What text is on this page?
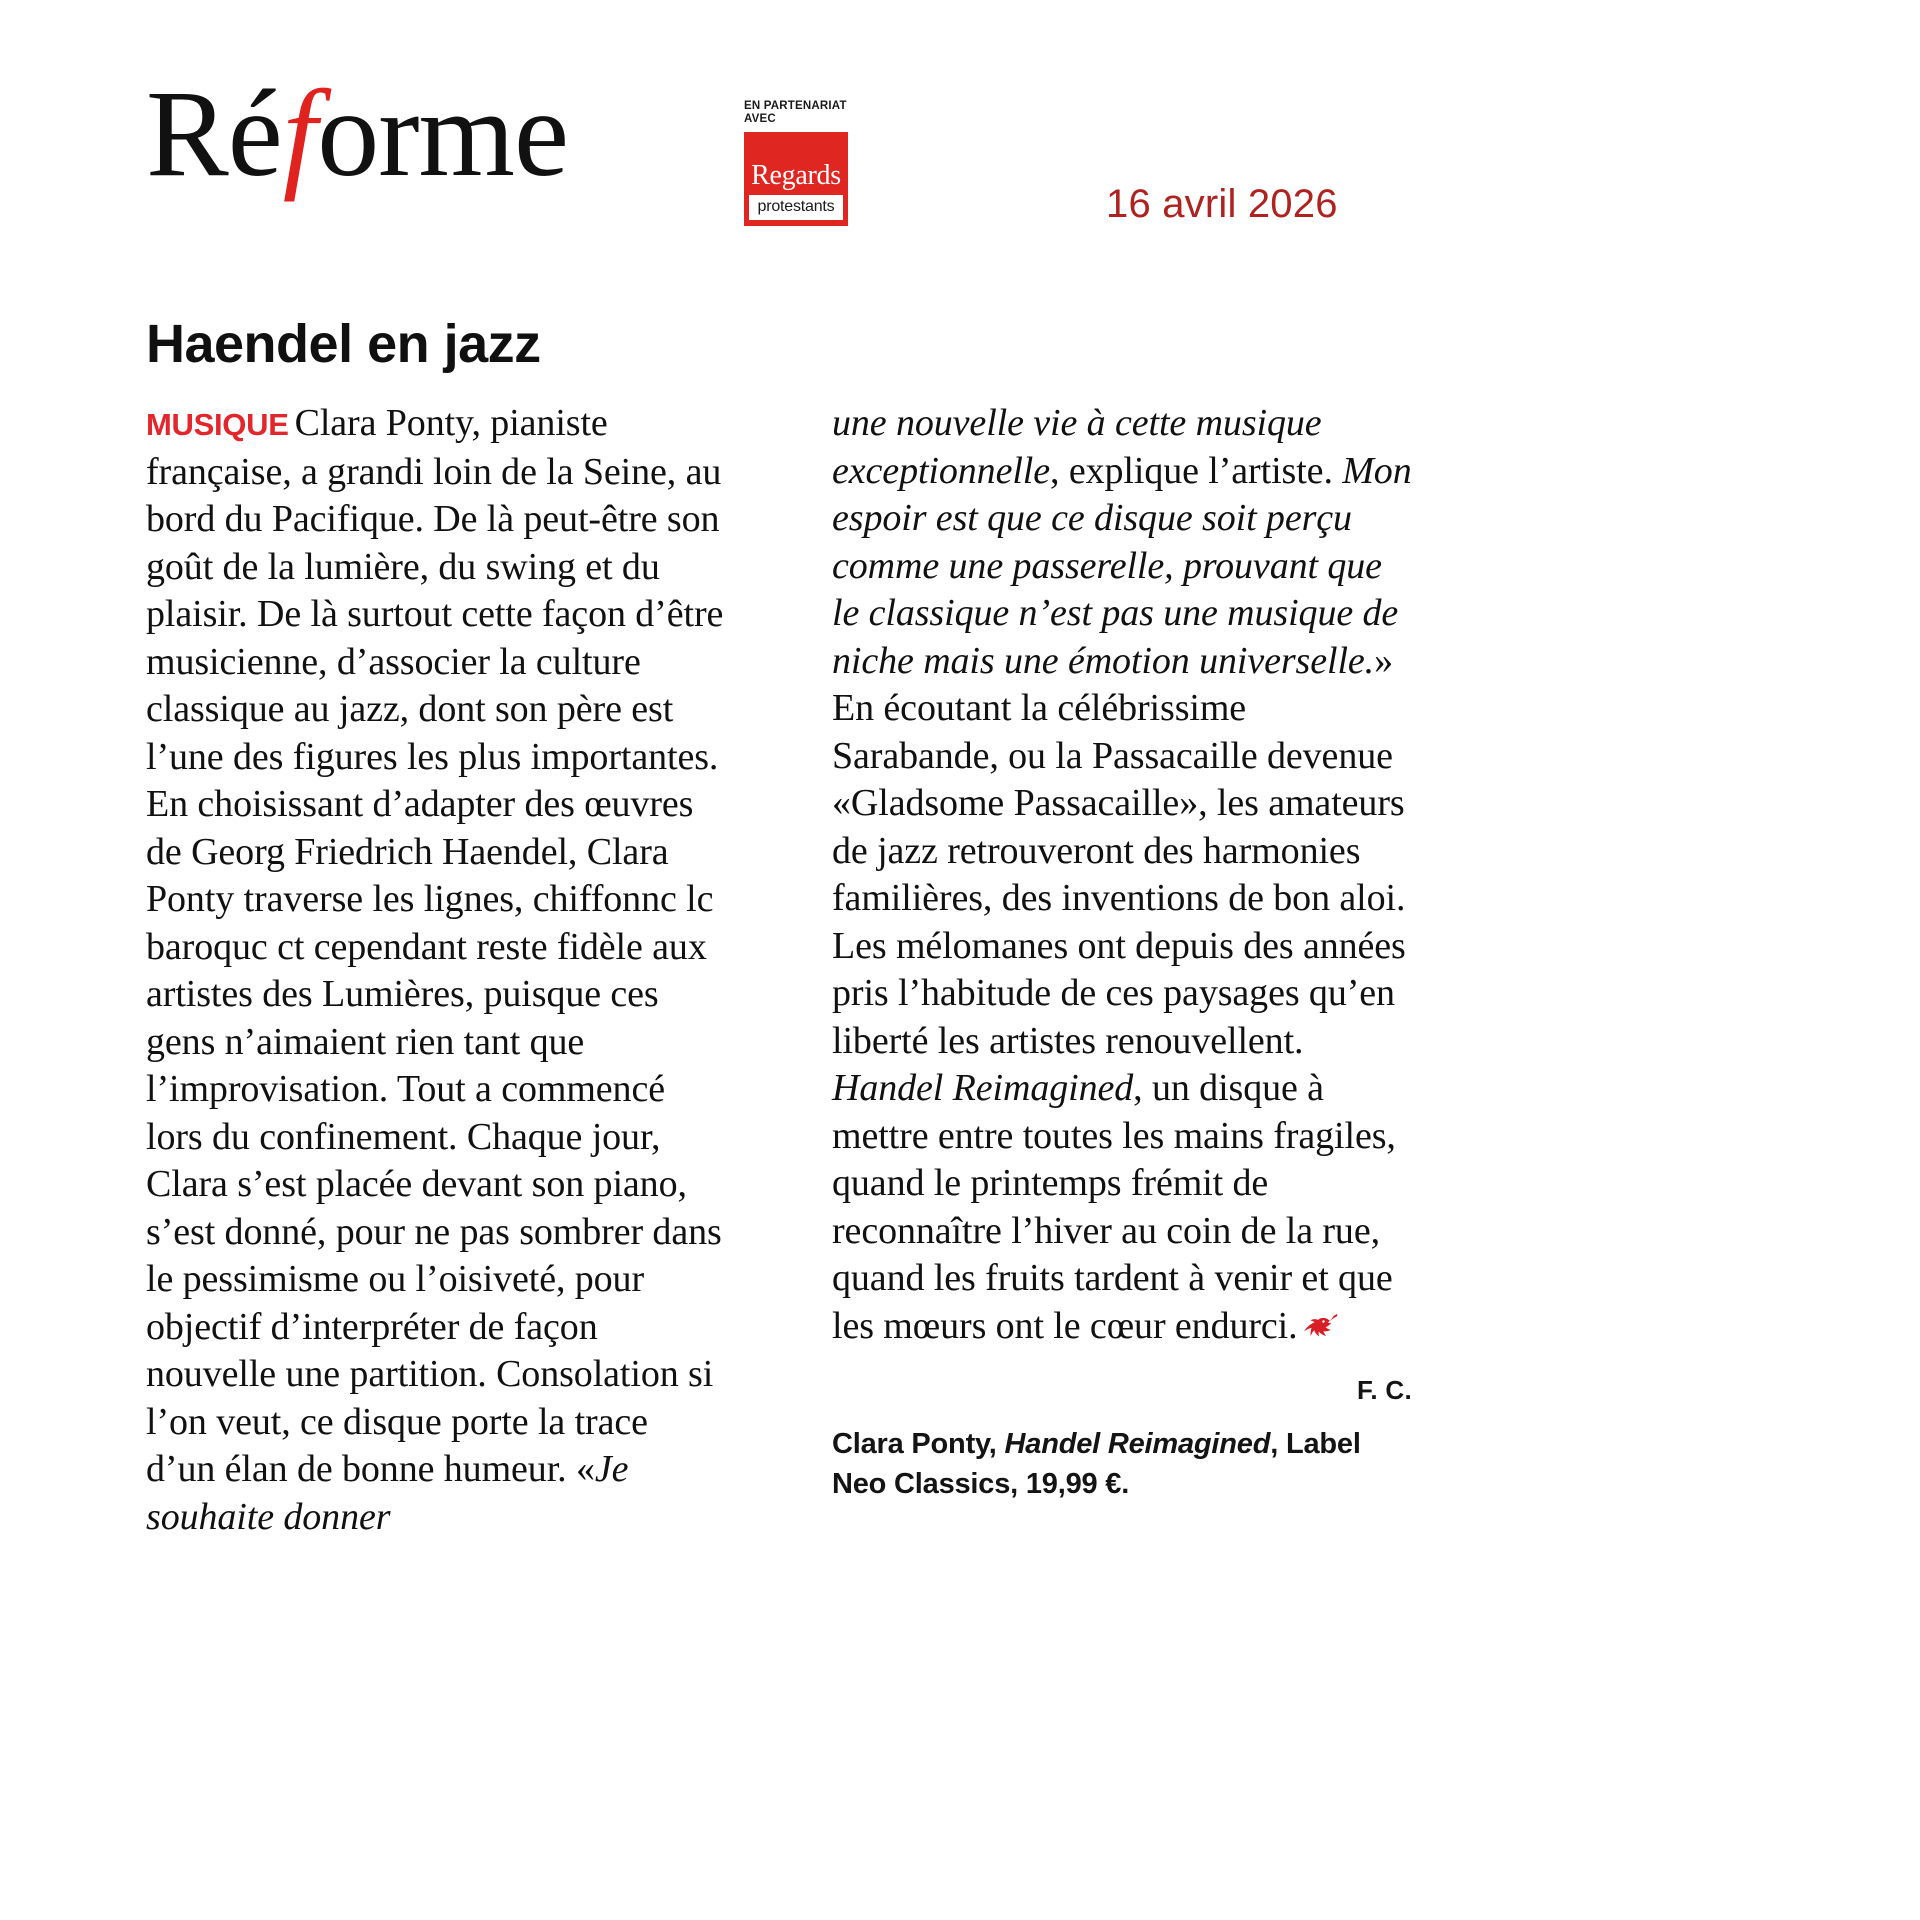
Réforme	EN PARTENARIAT AVEC
Regards
protestants	16 avril 2026
Haendel en jazz
MUSIQUE Clara Ponty, pianiste française, a grandi loin de la Seine, au bord du Pacifique. De là peut-être son goût de la lumière, du swing et du plaisir. De là surtout cette façon d’être musicienne, d’associer la culture classique au jazz, dont son père est l’une des figures les plus importantes. En choisissant d’adapter des œuvres de Georg Friedrich Haendel, Clara Ponty traverse les lignes, chiffonnc lc baroquc ct cependant reste fidèle aux artistes des Lumières, puisque ces gens n’aimaient rien tant que l’improvisation. Tout a commencé lors du confinement. Chaque jour, Clara s’est placée devant son piano, s’est donné, pour ne pas sombrer dans le pessimisme ou l’oisiveté, pour objectif d’interpréter de façon nouvelle une partition. Consolation si l’on veut, ce disque porte la trace d’un élan de bonne humeur. «Je souhaite donner
une nouvelle vie à cette musique exceptionnelle, explique l’artiste. Mon espoir est que ce disque soit perçu comme une passerelle, prouvant que le classique n’est pas une musique de niche mais une émotion universelle.»
En écoutant la célébrissime Sarabande, ou la Passacaille devenue «Gladsome Passacaille», les amateurs de jazz retrouveront des harmonies familières, des inventions de bon aloi.
Les mélomanes ont depuis des années pris l’habitude de ces paysages qu’en liberté les artistes renouvellent.
Handel Reimagined, un disque à mettre entre toutes les mains fragiles, quand le printemps frémit de reconnaître l’hiver au coin de la rue, quand les fruits tardent à venir et que les mœurs ont le cœur endurci.
F. C.
Clara Ponty, Handel Reimagined, Label Neo Classics, 19,99 €.
